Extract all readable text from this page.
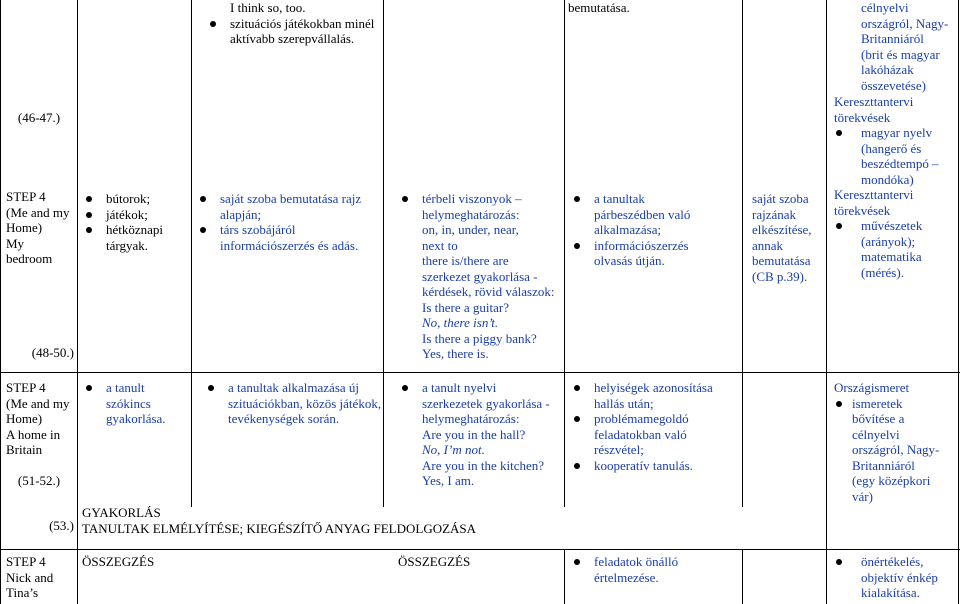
(46-47.)
STEP 4
(Me and my
Home)
My
bedroom
(48-50.)
bútorok;
játékok;
hétköznapi
tárgyak.
I think so, too.
szituációs játékokban minél
aktívabb szerepvállalás.
saját szoba bemutatása rajz
alapján;
társ szobájáról
információszerzés és adás.
térbeli viszonyok –
helymeghatározás:
on, in, under, near,
next to
there is/there are
szerkezet gyakorlása -
kérdések, rövid válaszok:
Is there a guitar?
No, there isn’t.
Is there a piggy bank?
Yes, there is.
bemutatása.
a tanultak
párbeszédben való
alkalmazása;
információszerzés
olvasás útján.
saját szoba
rajzának
elkészítése,
annak
bemutatása
(CB p.39).
célnyelvi
országról, Nagy-
Britanniáról
(brit és magyar
lakóházak
összevetése)
Kereszttantervi
törekvések
magyar nyelv
(hangerő és
beszédtempó –
mondóka)
Kereszttantervi
törekvések
művészetek
(arányok);
matematika
(mérés).
STEP 4
(Me and my
Home)
A home in
Britain
(51-52.)
(53.)
a tanult
szókincs
gyakorlása.
a tanultak alkalmazása új
szituációkban, közös játékok,
tevékenységek során.
a tanult nyelvi
szerkezetek gyakorlása -
helymeghatározás:
Are you in the hall?
No, I’m not.
Are you in the kitchen?
Yes, I am.
helyiségek azonosítása
hallás után;
problémamegoldó
feladatokban való
részvétel;
kooperatív tanulás.
Országismeret
ismeretek
bővítése a
célnyelvi
országról, Nagy-
Britanniáról
(egy középkori
vár)
GYAKORLÁS
TANULTAK ELMÉLYÍTÉSE; KIEGÉSZÍTŐ ANYAG FELDOLGOZÁSA
STEP 4
Nick and
Tina’s
ÖSSZEGZÉS	ÖSSZEGZÉS	feladatok önálló
értelmezése.
önértékelés,
objektív énkép
kialakítása.
